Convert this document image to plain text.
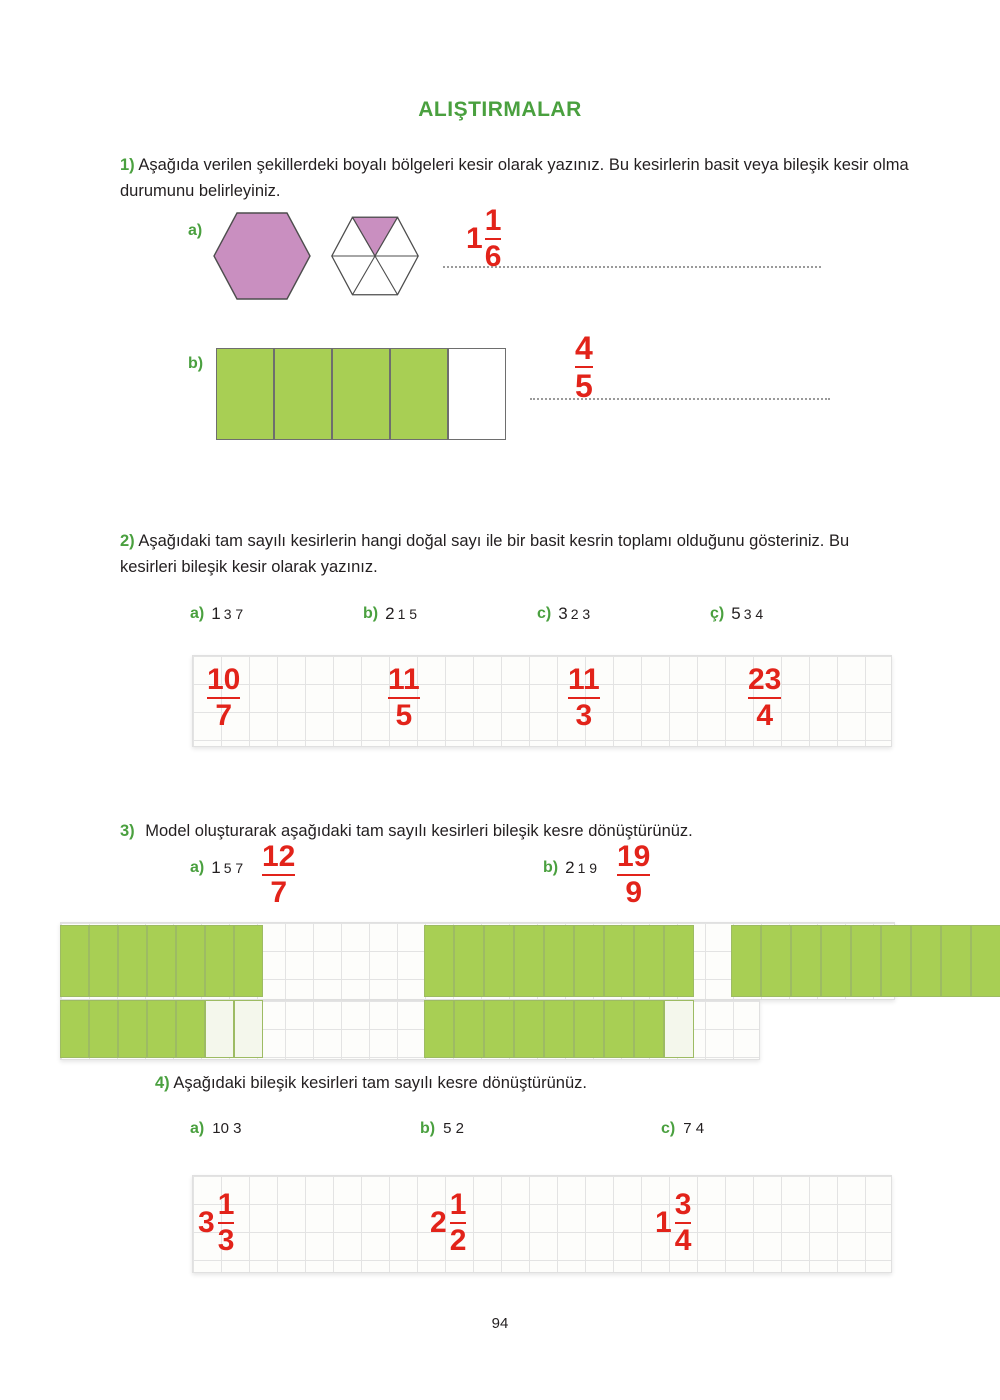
ALIŞTIRMALAR
1) Aşağıda verilen şekillerdeki boyalı bölgeleri kesir olarak yazınız. Bu kesirlerin basit veya bileşik kesir olma durumunu belirleyiniz.
a)	$1 \frac{1}{6}$
b)	$\frac{4}{5}$
2) Aşağıdaki tam sayılı kesirlerin hangi doğal sayı ile bir basit kesrin toplamı olduğunu gösteriniz. Bu kesirleri bileşik kesir olarak yazınız.
a) 1 3 7	b) 2 1 5	c) 3 2 3	ç) 5 3 4
$\frac{10}{7}$	$\frac{11}{5}$	$\frac{11}{3}$	$\frac{23}{4}$
3) Model oluşturarak aşağıdaki tam sayılı kesirleri bileşik kesre dönüştürünüz.
a) 1 5 $7 \frac{12}{7}$	b) 2 1 $9 \frac{19}{9}$
4) Aşağıdaki bileşik kesirleri tam sayılı kesre dönüştürünüz.
a) 10 3	b) 5 2	c) 7 4
$3 \frac{1}{3}$	$2 \frac{1}{2}$	$1 \frac{3}{4}$
94
